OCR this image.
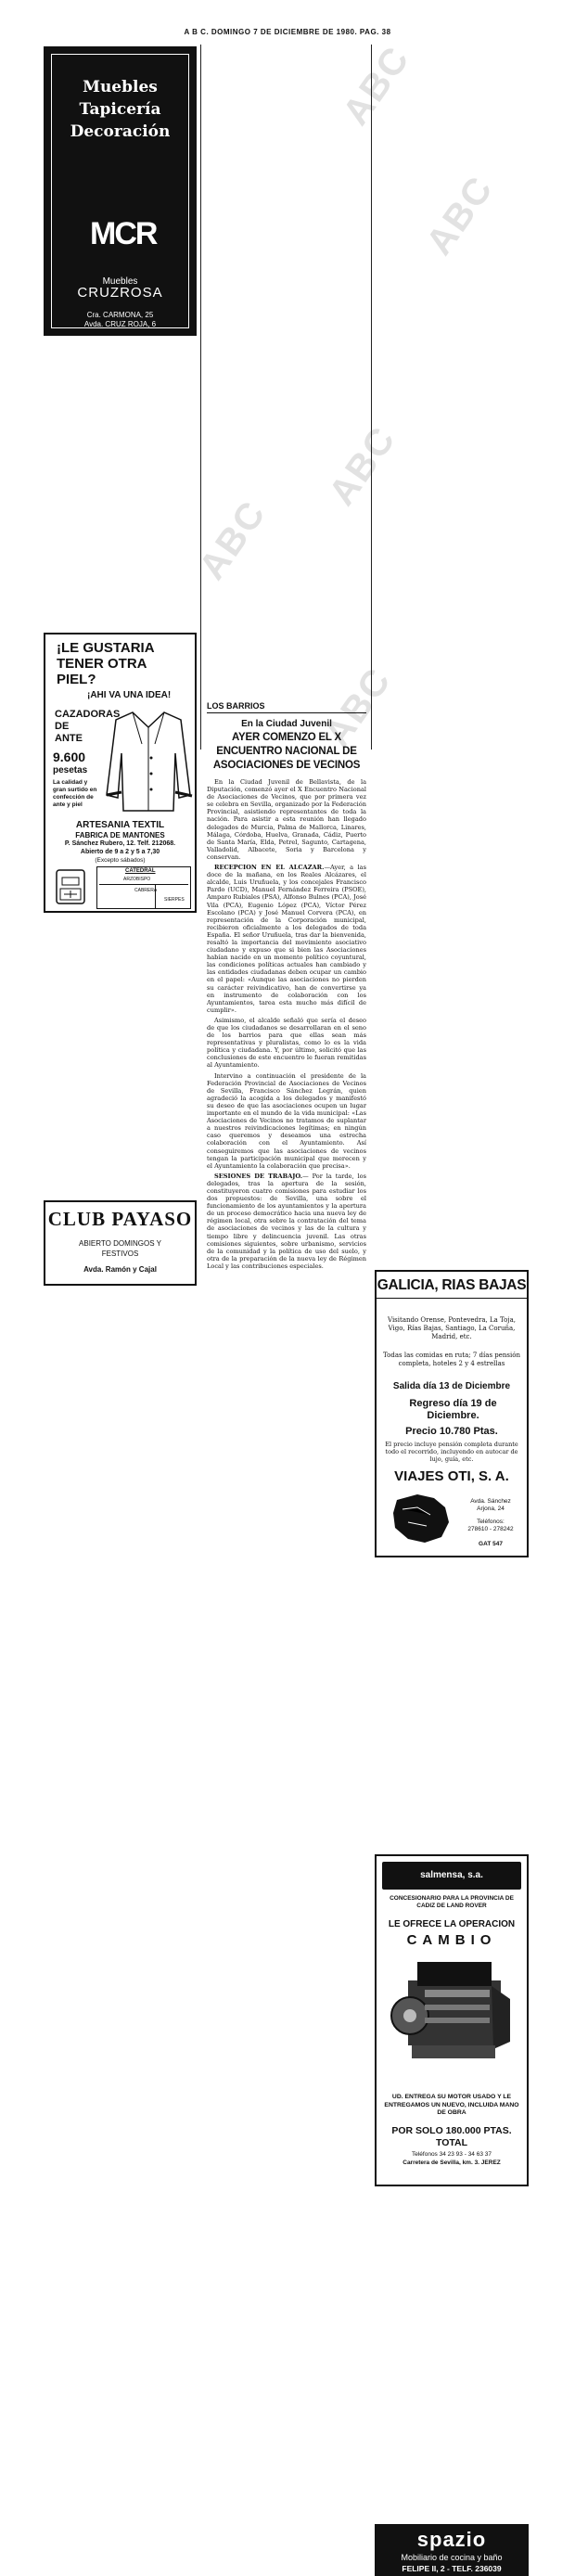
ABC
ABC
ABC
ABC
ABC
A B C. DOMINGO 7 DE DICIEMBRE DE 1980. PAG. 38
Muebles
Tapicería
Decoración
MCR
Muebles
CRUZROSA
Avda. CRUZ ROJA, 6
Cra. CARMONA, 25
¡LE GUSTARIA
TENER OTRA
PIEL?
¡AHI VA UNA IDEA!
CAZADORAS
DE
ANTE
9.600
pesetas
La calidad y gran surtido en confección de ante y piel
ARTESANIA TEXTIL
FABRICA DE MANTONES
P. Sánchez Rubero, 12. Telf. 212068.
Abierto de 9 a 2 y 5 a 7,30
(Excepto sábados)
CATEDRAL
ARZOBISPO
CABRERA
SIERPES
CLUB PAYASO
ABIERTO DOMINGOS Y
FESTIVOS
Avda. Ramón y Cajal
LOS BARRIOS
En la Ciudad Juvenil
AYER COMENZO EL X ENCUENTRO NACIONAL DE ASOCIACIONES DE VECINOS

En la Ciudad Juvenil de Bellavista, de la Diputación, comenzó ayer el X Encuentro Nacional de Asociaciones de Vecinos, que por primera vez se celebra en Sevilla, organizado por la Federación Provincial, asistiendo representantes de toda la nación. Para asistir a esta reunión han llegado delegados de Murcia, Palma de Mallorca, Linares, Málaga, Córdoba, Huelva, Granada, Cádiz, Puerto de Santa María, Elda, Petrel, Sagunto, Cartagena, Valladolid, Albacete, Soria y Barcelona y conservan.

RECEPCION EN EL ALCAZAR.—Ayer, a las doce de la mañana, en los Reales Alcázares, el alcalde, Luis Uruñuela, y los concejales Francisco Pardo (UCD), Manuel Fernández Ferreira (PSOE), Amparo Rubiales (PSA), Alfonso Bulnes (PCA), José Vila (PCA), Eugenio López (PCA), Víctor Pérez Escolano (PCA) y José Manuel Corvera (PCA), en representación de la Corporación municipal, recibieron oficialmente a los delegados de toda España. El señor Uruñuela, tras dar la bienvenida, resaltó la importancia del movimiento asociativo ciudadano y expuso que si bien las Asociaciones habían nacido en un momento político coyuntural, las condiciones políticas actuales han cambiado y las entidades ciudadanas deben ocupar un cambio en el papel: «Aunque las asociaciones no pierden su carácter reivindicativo, han de convertirse ya en instrumento de colaboración con los Ayuntamientos, tarea esta mucho más difícil de cumplir».

Asimismo, el alcalde señaló que sería el deseo de que los ciudadanos se desarrollaran en el seno de los barrios para que ellas sean más representativas y pluralistas, como lo es la vida política y ciudadana. Y, por último, solicitó que las conclusiones de este encuentro le fueran remitidas al Ayuntamiento.

Intervino a continuación el presidente de la Federación Provincial de Asociaciones de Vecinos de Sevilla, Francisco Sánchez Legrán, quien agradeció la acogida a los delegados y manifestó su deseo de que las asociaciones ocupen un lugar importante en el mundo de la vida municipal: «Las Asociaciones de Vecinos no tratamos de suplantar a nuestros reivindicaciones legítimas; en ningún caso queremos y deseamos una estrecha colaboración con el Ayuntamiento. Así conseguiremos que las asociaciones de vecinos tengan la participación municipal que merecen y el Ayuntamiento la colaboración que precisa».

SESIONES DE TRABAJO.— Por la tarde, los delegados, tras la apertura de la sesión, constituyeron cuatro comisiones para estudiar los dos propuestos: de Sevilla, una sobre el funcionamiento de los ayuntamientos y la apertura de un proceso democrático hacia una nueva ley de régimen local, otra sobre la contratación del tema de asociaciones de vecinos y las de la cultura y tiempo libre y delincuencia juvenil. Las otras comisiones siguientes, sobre urbanismo, servicios de la comunidad y la política de uso del suelo, y otra de la preparación de la nueva ley de Régimen Local y las contribuciones especiales.

GALICIA, RIAS BAJAS
Visitando Orense, Pontevedra, La Toja, Vigo, Rías Bajas, Santiago, La Coruña, Madrid, etc.
Todas las comidas en ruta; 7 días pensión completa, hoteles 2 y 4 estrellas
Salida día 13 de Diciembre
Regreso día 19 de Diciembre.
Precio 10.780 Ptas.
El precio incluye pensión completa durante todo el recorrido, incluyendo en autocar de lujo, guía, etc.
VIAJES OTI, S. A.
Avda. Sánchez
Arjona, 24
Teléfonos:
278610 - 278242
GAT 547
salmensa, s.a.
CONCESIONARIO PARA LA PROVINCIA DE CADIZ DE LAND ROVER
LE OFRECE LA OPERACION
CAMBIO
UD. ENTREGA SU MOTOR USADO Y LE ENTREGAMOS UN NUEVO, INCLUIDA MANO DE OBRA
POR SOLO 180.000 PTAS.
TOTAL
Teléfonos 34 23 93 - 34 63 37
Carretera de Sevilla, km. 3. JEREZ
spazio
Mobiliario de cocina y baño
FELIPE II, 2 - TELF. 236039
